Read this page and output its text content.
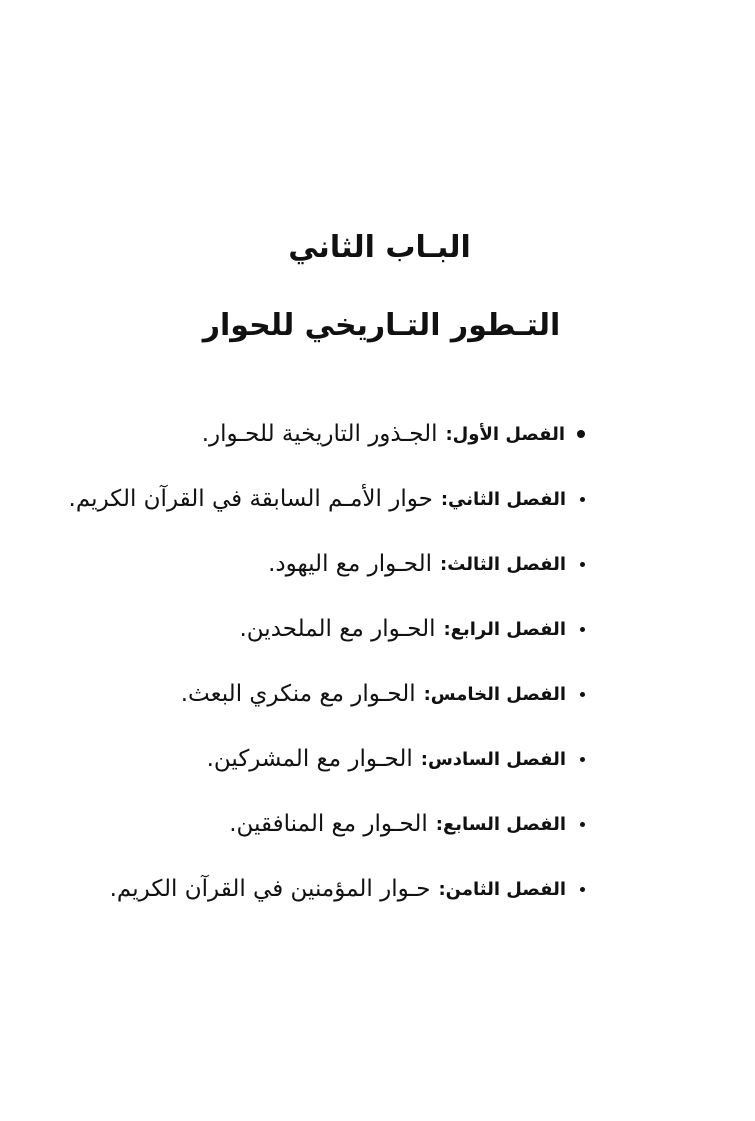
البـاب الثاني
التـطور التـاريخي للحوار
الفصل الأول:
الجـذور التاريخية للحـوار.
الفصل الثاني:
حوار الأمـم السابقة في القرآن الكريم.
الفصل الثالث:
الحـوار مع اليهود.
الفصل الرابع:
الحـوار مع الملحدين.
الفصل الخامس:
الحـوار مع منكري البعث.
الفصل السادس:
الحـوار مع المشركين.
الفصل السابع:
الحـوار مع المنافقين.
الفصل الثامن:
حـوار المؤمنين في القرآن الكريم.
